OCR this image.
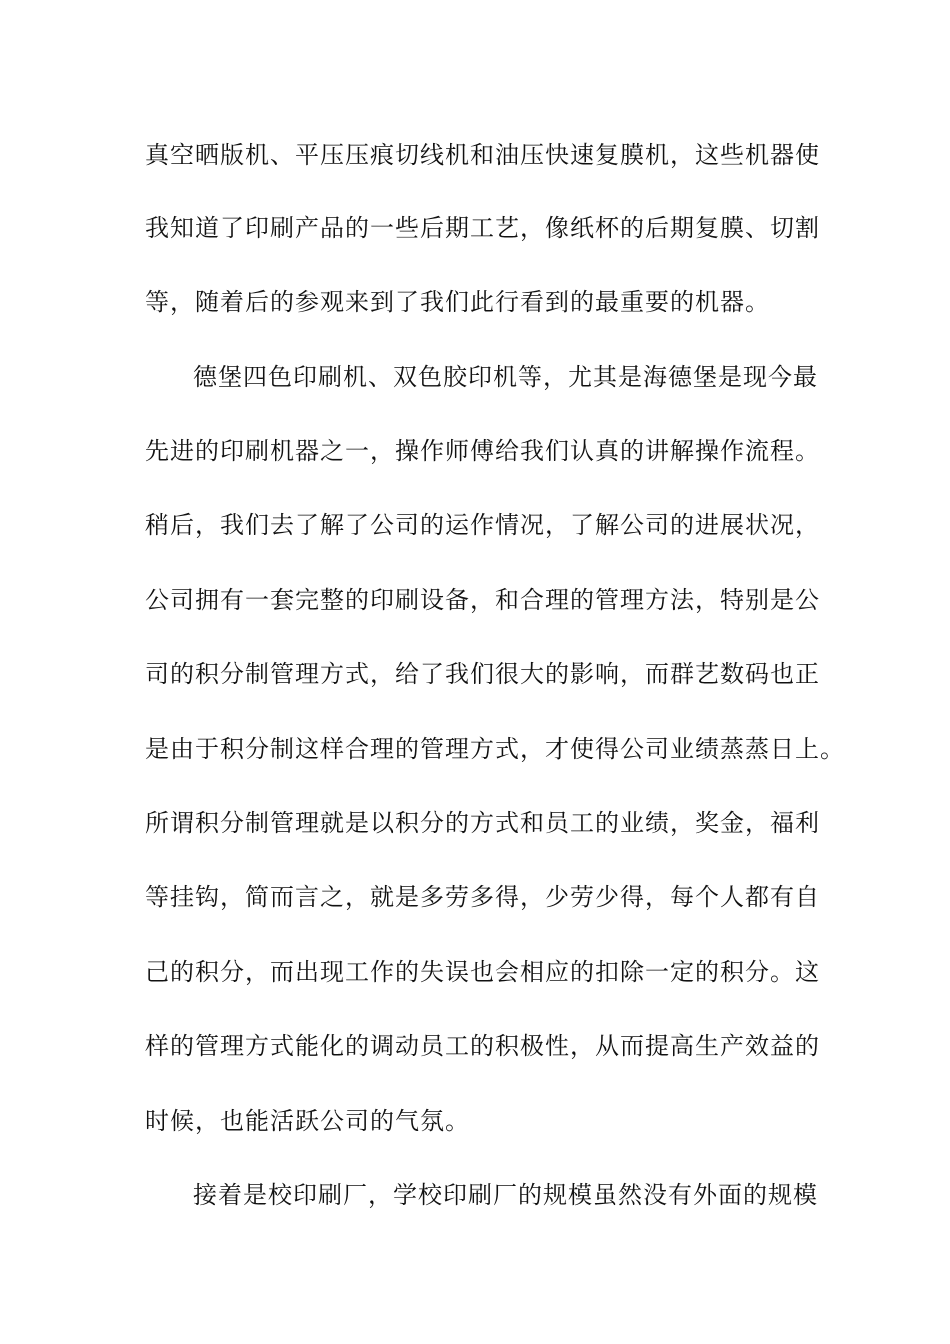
真空晒版机、平压压痕切线机和油压快速复膜机，这些机器使
我知道了印刷产品的一些后期工艺，像纸杯的后期复膜、切割
等，随着后的参观来到了我们此行看到的最重要的机器。
德堡四色印刷机、双色胶印机等，尤其是海德堡是现今最
先进的印刷机器之一，操作师傅给我们认真的讲解操作流程。
稍后，我们去了解了公司的运作情况，了解公司的进展状况，
公司拥有一套完整的印刷设备，和合理的管理方法，特别是公
司的积分制管理方式，给了我们很大的影响，而群艺数码也正
是由于积分制这样合理的管理方式，才使得公司业绩蒸蒸日上。
所谓积分制管理就是以积分的方式和员工的业绩，奖金，福利
等挂钩，简而言之，就是多劳多得，少劳少得，每个人都有自
己的积分，而出现工作的失误也会相应的扣除一定的积分。这
样的管理方式能化的调动员工的积极性，从而提高生产效益的
时候，也能活跃公司的气氛。
接着是校印刷厂，学校印刷厂的规模虽然没有外面的规模
